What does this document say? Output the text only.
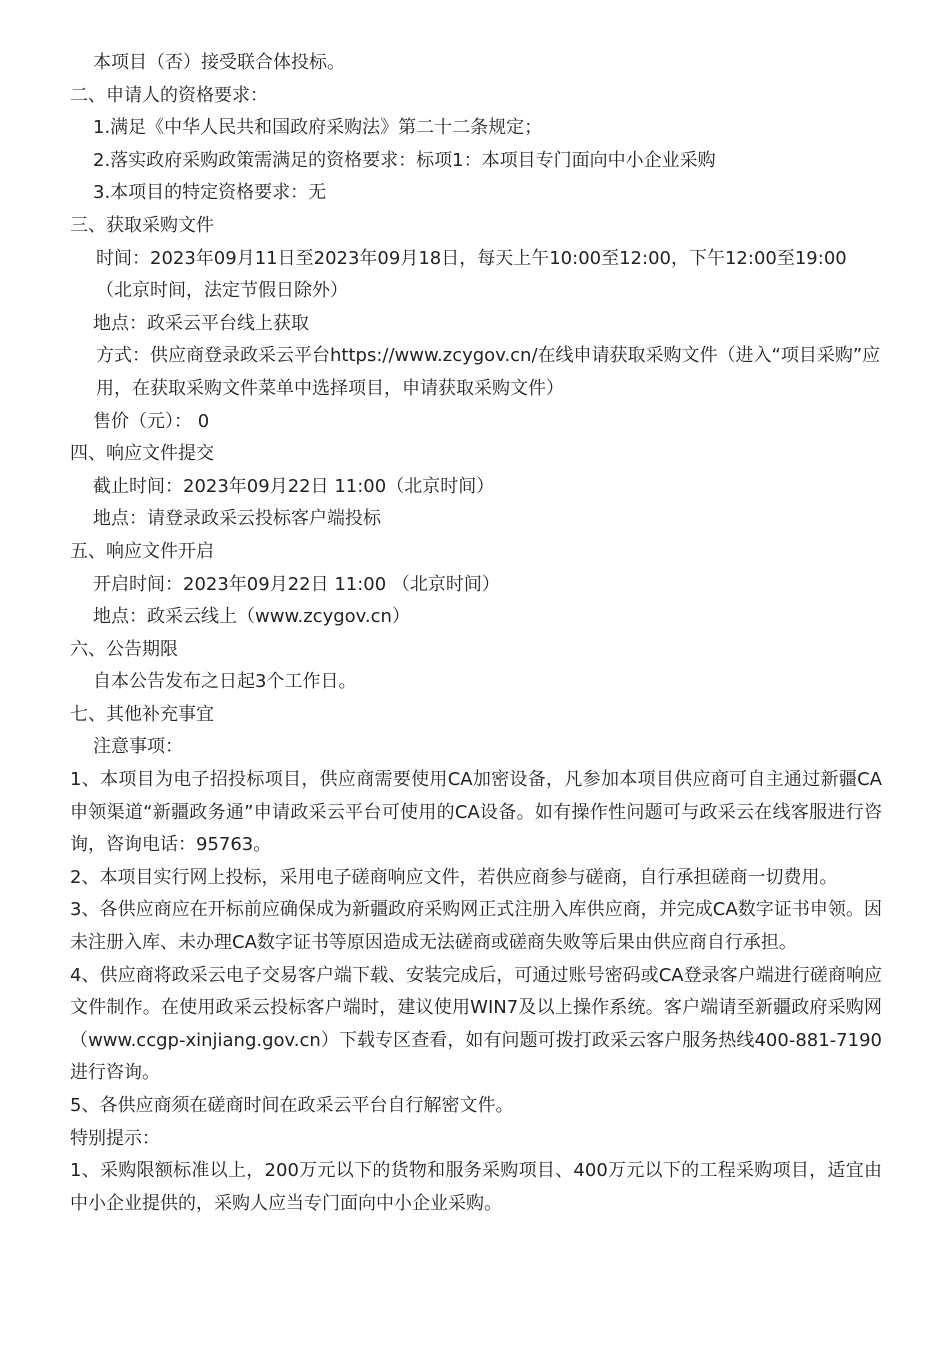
本项目（否）接受联合体投标。

二、申请人的资格要求：

1.满足《中华人民共和国政府采购法》第二十二条规定；

2.落实政府采购政策需满足的资格要求：标项1：本项目专门面向中小企业采购

3.本项目的特定资格要求：无

三、获取采购文件

时间：2023年09月11日至2023年09月18日，每天上午10:00至12:00，下午12:00至19:00（北京时间，法定节假日除外）

地点：政采云平台线上获取

方式：供应商登录政采云平台https://www.zcygov.cn/在线申请获取采购文件（进入“项目采购”应用，在获取采购文件菜单中选择项目，申请获取采购文件）

售价（元）： 0

四、响应文件提交

截止时间：2023年09月22日 11:00（北京时间）

地点：请登录政采云投标客户端投标

五、响应文件开启

开启时间：2023年09月22日 11:00 （北京时间）

地点：政采云线上（www.zcygov.cn）

六、公告期限

自本公告发布之日起3个工作日。

七、其他补充事宜

注意事项：

1、本项目为电子招投标项目，供应商需要使用CA加密设备，凡参加本项目供应商可自主通过新疆CA申领渠道“新疆政务通”申请政采云平台可使用的CA设备。如有操作性问题可与政采云在线客服进行咨询，咨询电话：95763。

2、本项目实行网上投标，采用电子磋商响应文件，若供应商参与磋商，自行承担磋商一切费用。

3、各供应商应在开标前应确保成为新疆政府采购网正式注册入库供应商，并完成CA数字证书申领。因未注册入库、未办理CA数字证书等原因造成无法磋商或磋商失败等后果由供应商自行承担。

4、供应商将政采云电子交易客户端下载、安装完成后，可通过账号密码或CA登录客户端进行磋商响应文件制作。在使用政采云投标客户端时，建议使用WIN7及以上操作系统。客户端请至新疆政府采购网（www.ccgp-xinjiang.gov.cn）下载专区查看，如有问题可拨打政采云客户服务热线400-881-7190进行咨询。

5、各供应商须在磋商时间在政采云平台自行解密文件。

特别提示：

1、采购限额标准以上，200万元以下的货物和服务采购项目、400万元以下的工程采购项目，适宜由中小企业提供的，采购人应当专门面向中小企业采购。
